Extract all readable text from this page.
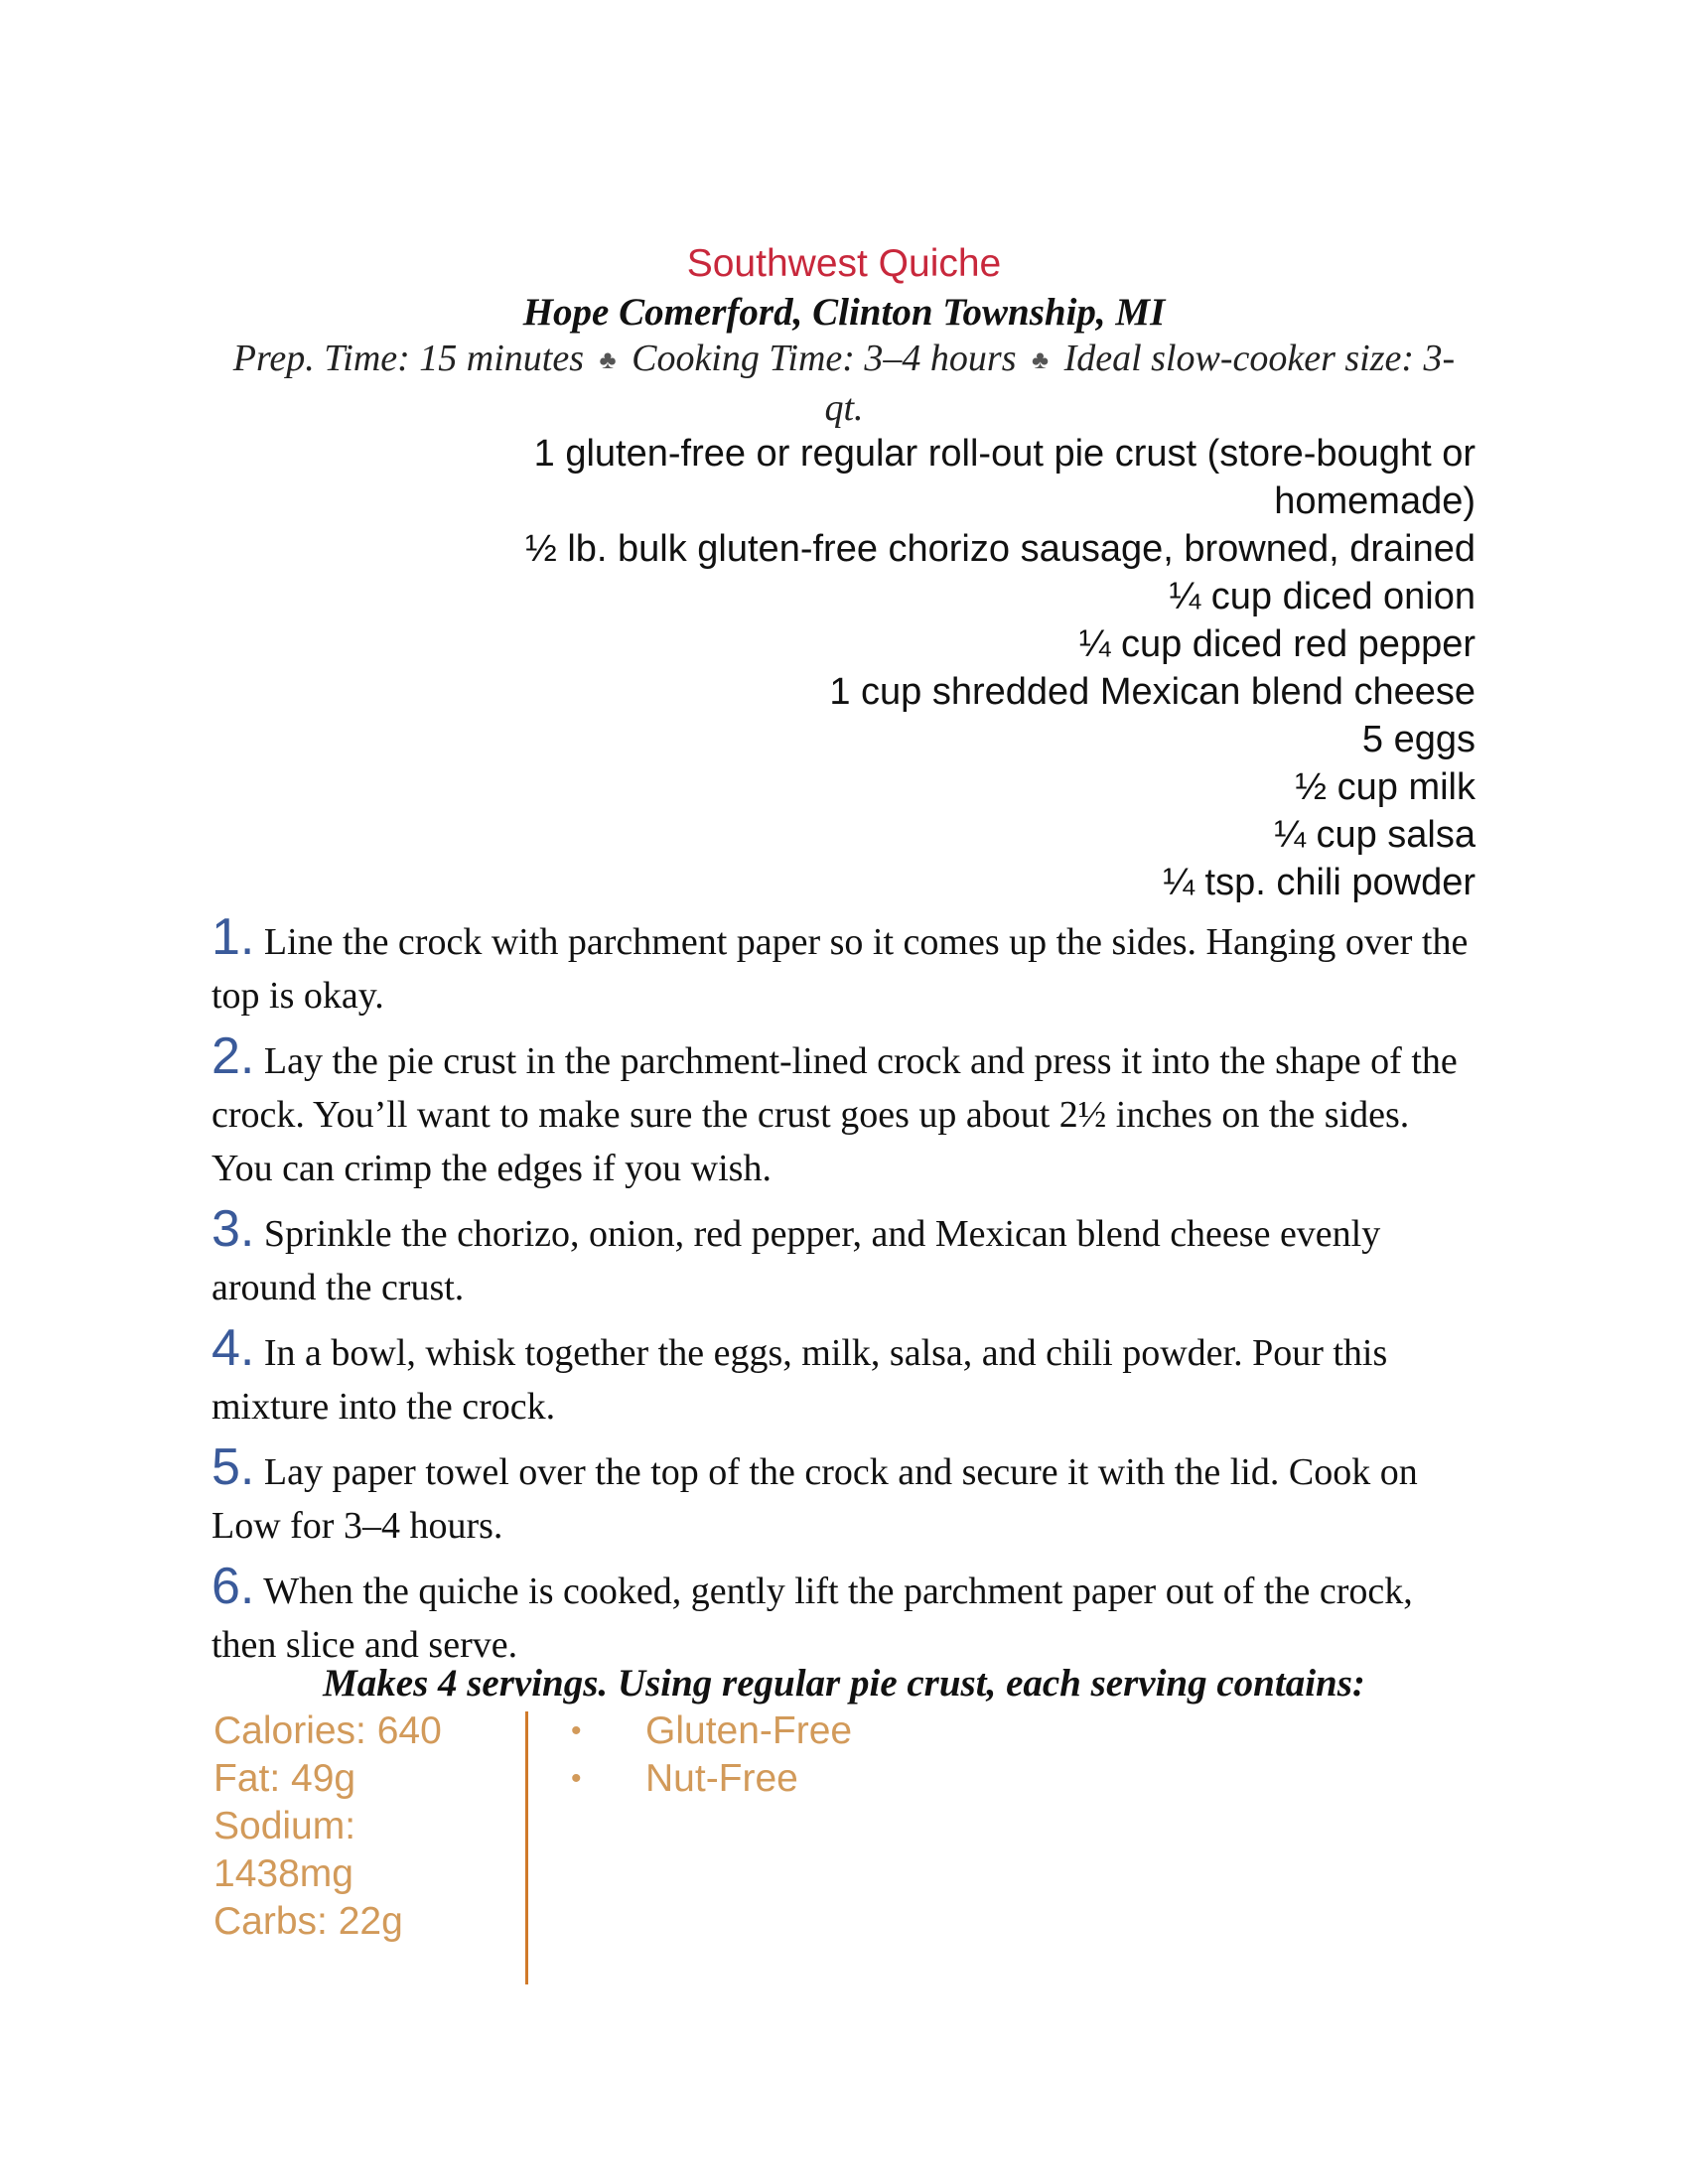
Southwest Quiche
Hope Comerford, Clinton Township, MI
Prep. Time: 15 minutes ♣ Cooking Time: 3–4 hours ♣ Ideal slow-cooker size: 3-qt.
1 gluten-free or regular roll-out pie crust (store-bought or homemade)
½ lb. bulk gluten-free chorizo sausage, browned, drained
¼ cup diced onion
¼ cup diced red pepper
1 cup shredded Mexican blend cheese
5 eggs
½ cup milk
¼ cup salsa
¼ tsp. chili powder

1. Line the crock with parchment paper so it comes up the sides. Hanging over the top is okay.

2. Lay the pie crust in the parchment-lined crock and press it into the shape of the crock. You’ll want to make sure the crust goes up about 2½ inches on the sides. You can crimp the edges if you wish.

3. Sprinkle the chorizo, onion, red pepper, and Mexican blend cheese evenly around the crust.

4. In a bowl, whisk together the eggs, milk, salsa, and chili powder. Pour this mixture into the crock.

5. Lay paper towel over the top of the crock and secure it with the lid. Cook on Low for 3–4 hours.

6. When the quiche is cooked, gently lift the parchment paper out of the crock, then slice and serve.

Makes 4 servings. Using regular pie crust, each serving contains:
Calories: 640
Fat: 49g
Sodium:
1438mg
Carbs: 22g
•	Gluten-Free
•	Nut-Free
